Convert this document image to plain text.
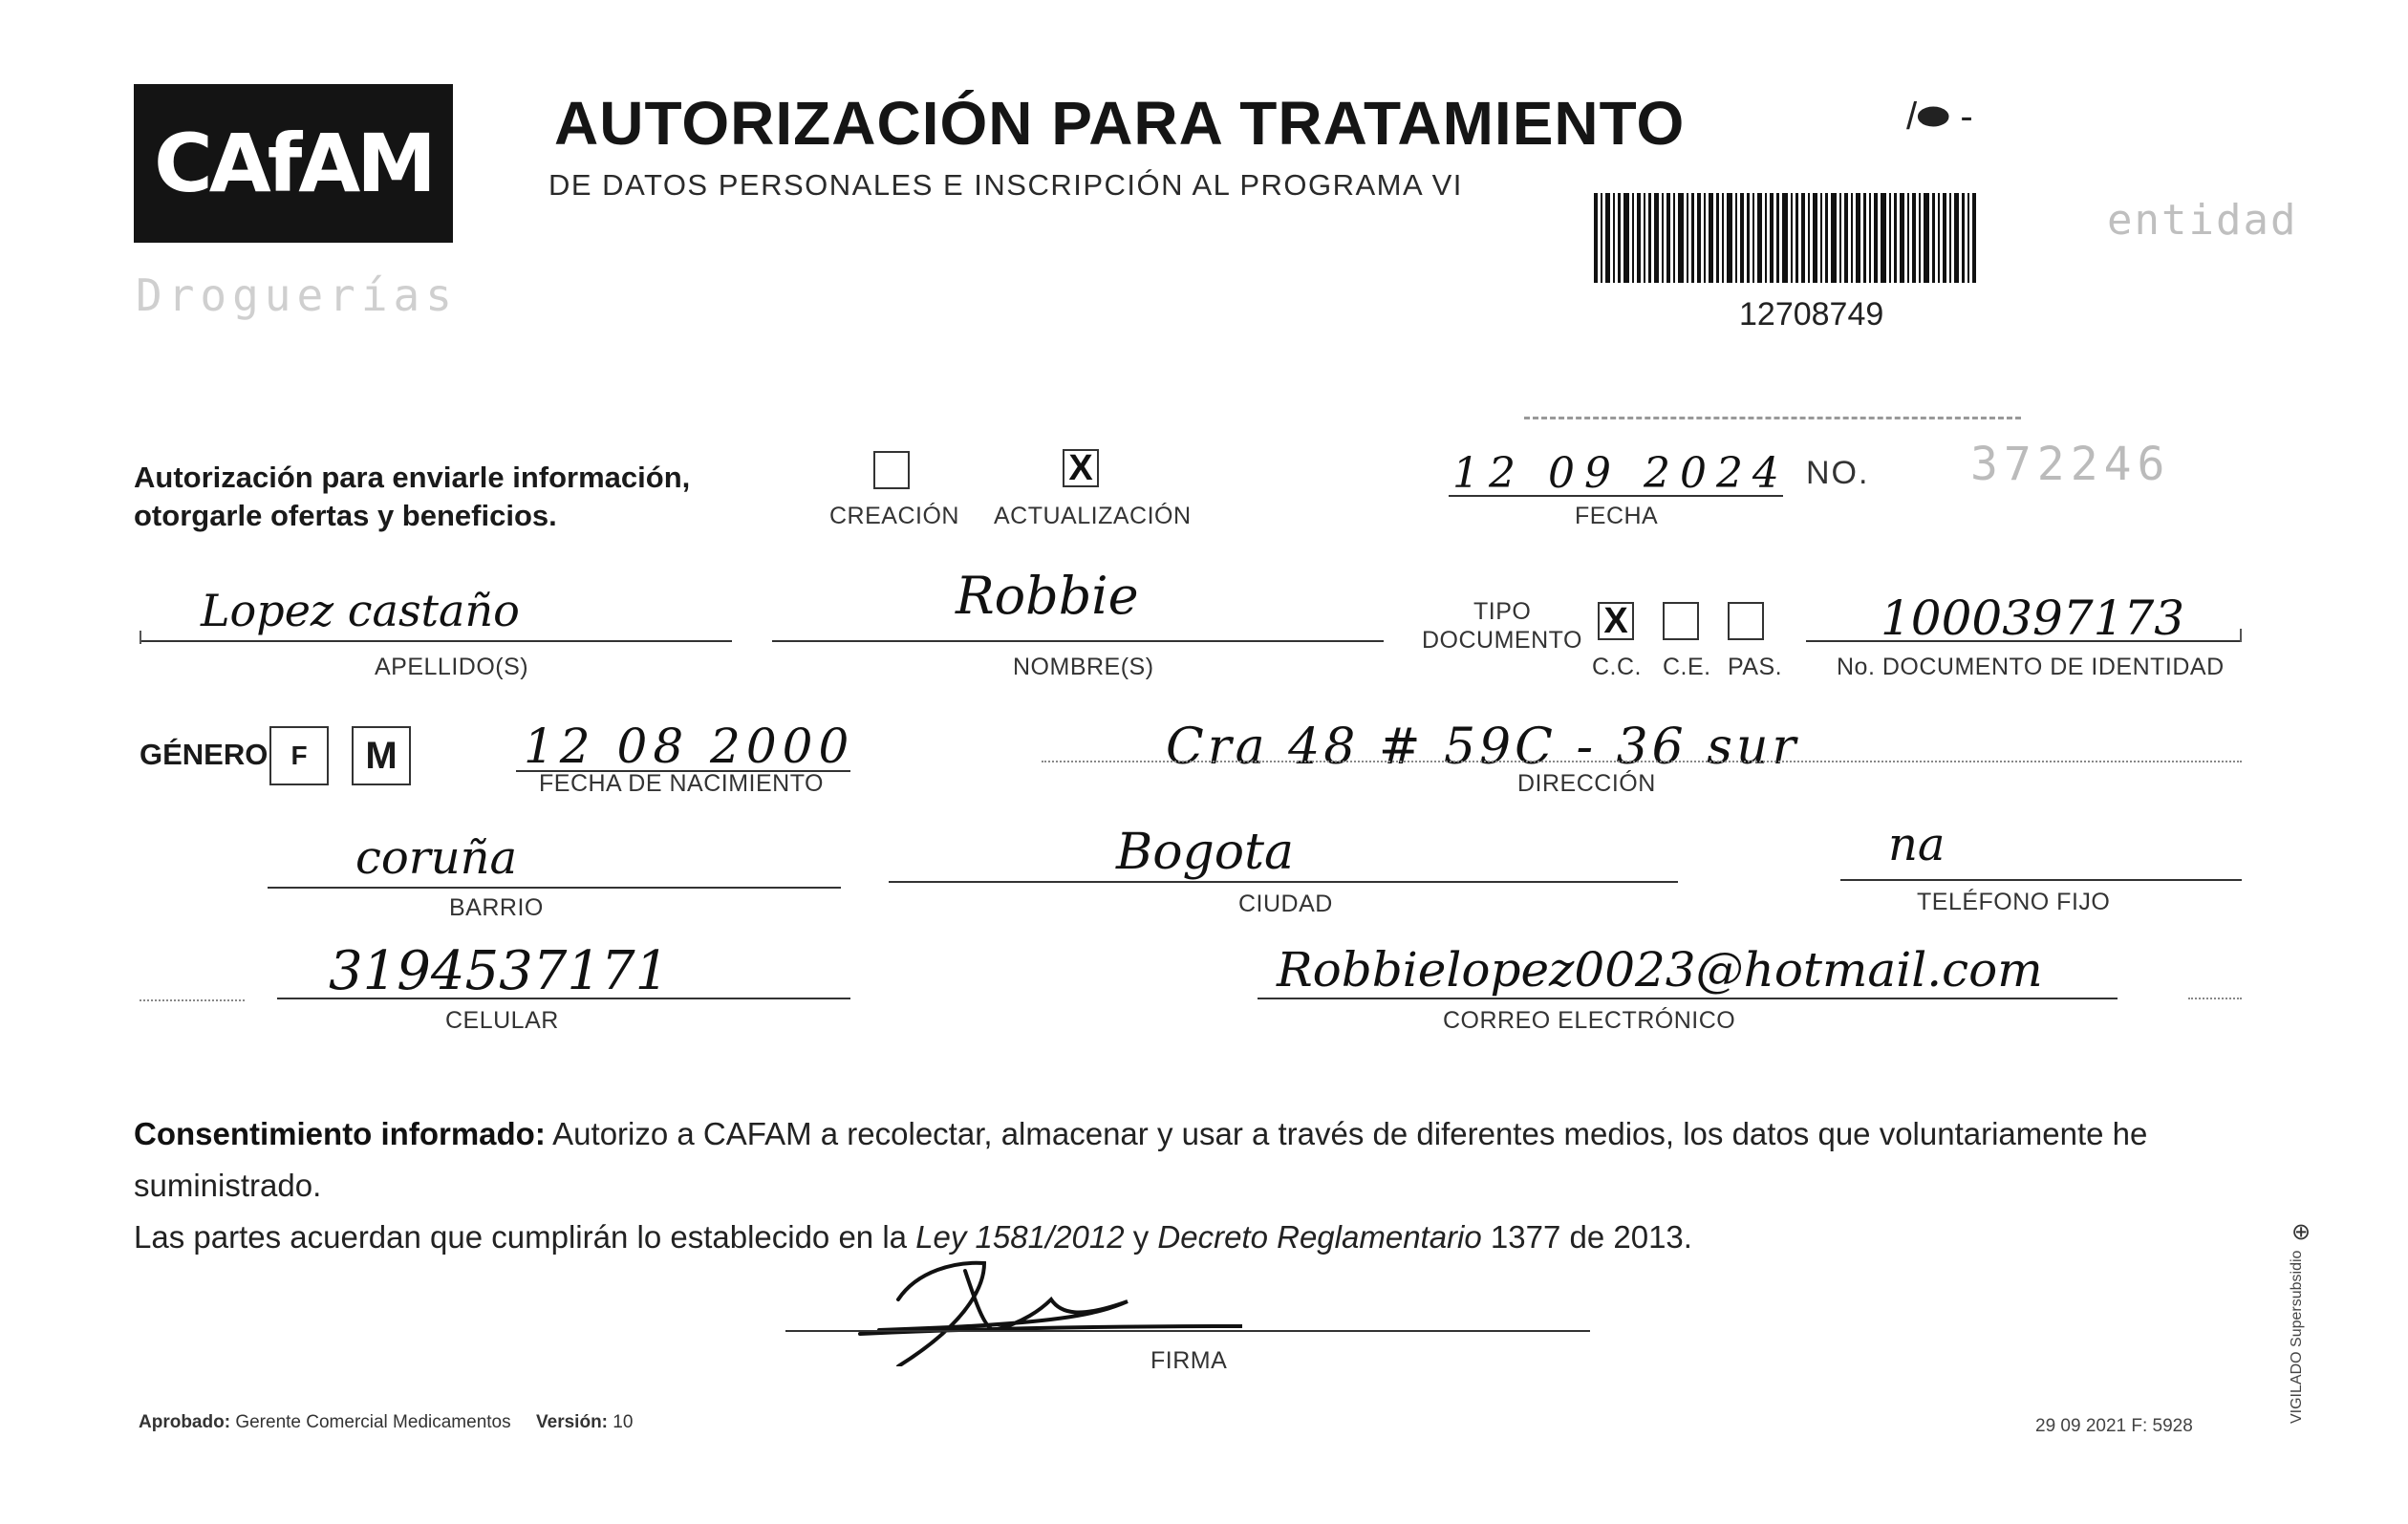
CAfAM
Droguerías
AUTORIZACIÓN PARA TRATAMIENTO
DE DATOS PERSONALES E INSCRIPCIÓN AL PROGRAMA VI
/⬬ -
entidad
12708749
Autorización para enviarle información,
otorgarle ofertas y beneficios.	CREACIÓN
X
ACTUALIZACIÓN
12 09 2024
FECHA
NO. 372246
Lopez castaño
APELLIDO(S)
Robbie
NOMBRE(S)
TIPO
DOCUMENTO X
C.C. C.E. PAS.
1000397173
No. DOCUMENTO DE IDENTIDAD
GÉNERO F	M	12 08 2000
FECHA DE NACIMIENTO
Cra 48 # 59C - 36 sur
DIRECCIÓN
coruña
BARRIO
Bogota
CIUDAD
na
TELÉFONO FIJO
3194537171
CELULAR
Robbielopez0023@hotmail.com
CORREO ELECTRÓNICO
Consentimiento informado: Autorizo a CAFAM a recolectar, almacenar y usar a través de diferentes medios, los datos que voluntariamente he suministrado.
Las partes acuerdan que cumplirán lo establecido en la Ley 1581/2012 y Decreto Reglamentario 1377 de 2013.
FIRMA
Aprobado: Gerente Comercial Medicamentos Versión: 10	29 09 2021 F: 5928
⊕
VIGILADO Supersubsidio
